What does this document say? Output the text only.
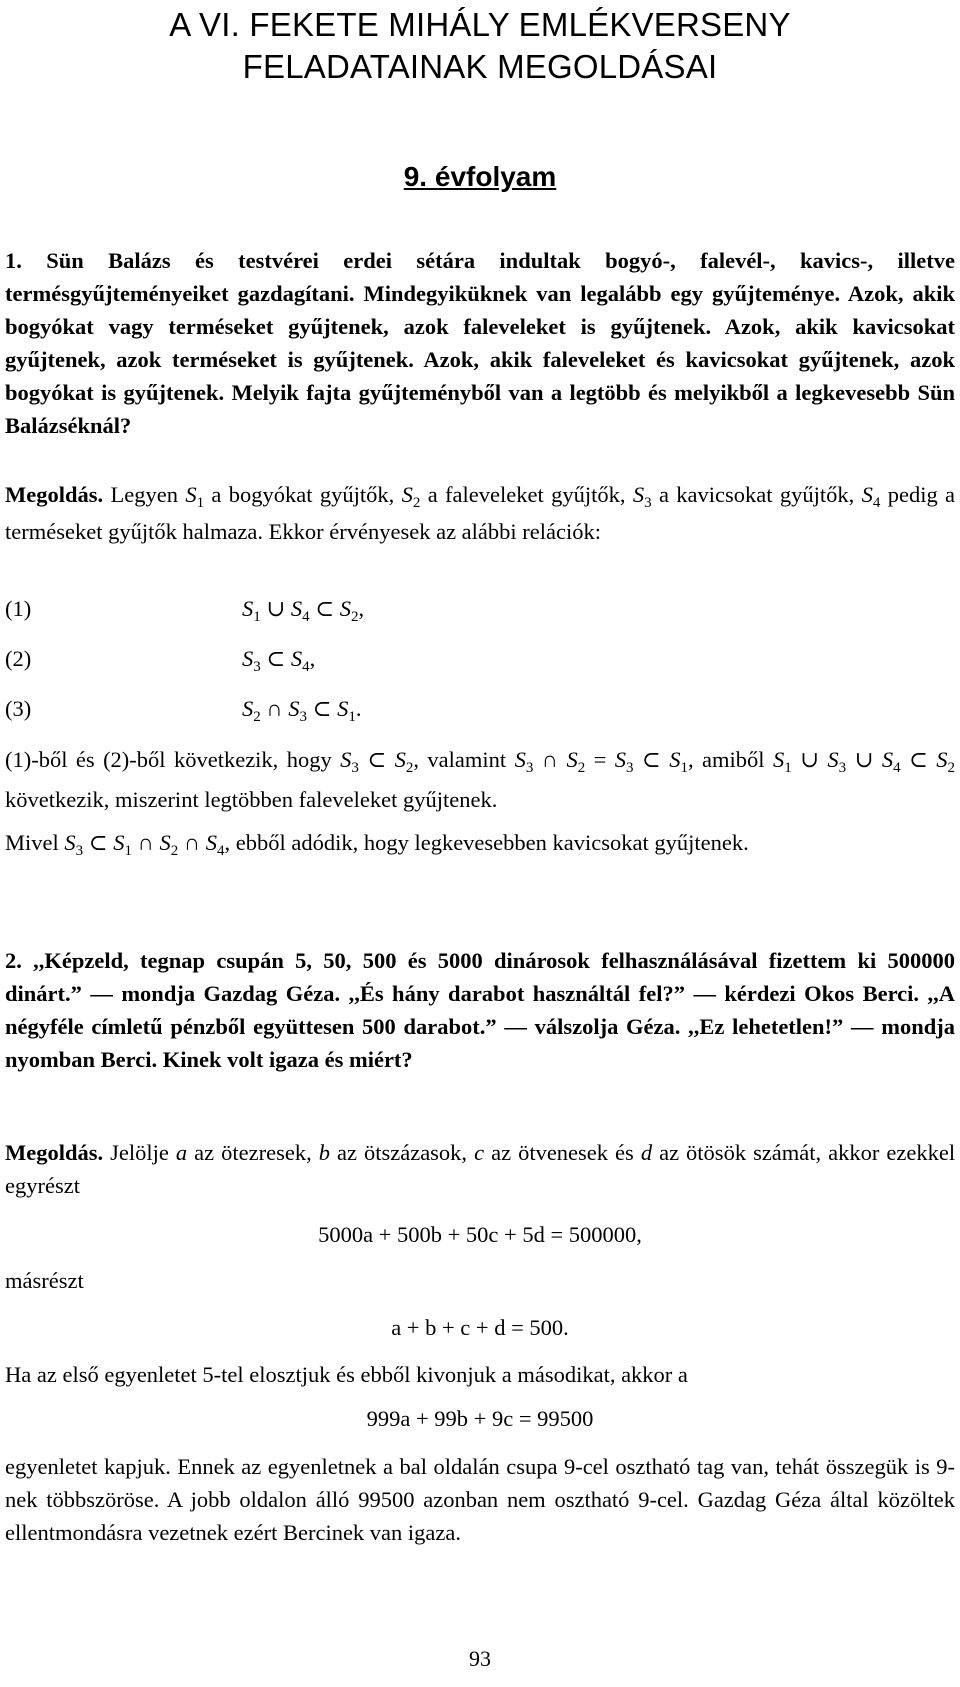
A VI. FEKETE MIHÁLY EMLÉKVERSENY
FELADATAINAK MEGOLDÁSAI
9. évfolyam

1. Sün Balázs és testvérei erdei sétára indultak bogyó-, falevél-, kavics-, illetve termésgyűjteményeiket gazdagítani. Mindegyiküknek van legalább egy gyűjteménye. Azok, akik bogyókat vagy terméseket gyűjtenek, azok faleveleket is gyűjtenek. Azok, akik kavicsokat gyűjtenek, azok terméseket is gyűjtenek. Azok, akik faleveleket és kavicsokat gyűjtenek, azok bogyókat is gyűjtenek. Melyik fajta gyűjteményből van a legtöbb és melyikből a legkevesebb Sün Balázséknál?

Megoldás. Legyen $S_1$ a bogyókat gyűjtők, $S_2$ a faleveleket gyűjtők, $S_3$ a kavicsokat gyűjtők, $S_4$ pedig a terméseket gyűjtők halmaza. Ekkor érvényesek az alábbi relációk:

(1)	$S_1$ ∪ $S_4$ ⊂ $S_2$,
(2)	$S_3$ ⊂ $S_4$,
(3)	$S_2$ ∩ $S_3$ ⊂ $S_1$.

(1)-ből és (2)-ből következik, hogy $S_3$ ⊂ $S_2$, valamint $S_3$ ∩ $S_2 = S_3$ ⊂ $S_1$, amiből $S_1$ ∪ $S_3$ ∪ $S_4$ ⊂ $S_2$ következik, miszerint legtöbben faleveleket gyűjtenek.

Mivel $S_3$ ⊂ $S_1$ ∩ $S_2$ ∩ $S_4$, ebből adódik, hogy legkevesebben kavicsokat gyűjtenek.

2. ,,Képzeld, tegnap csupán 5, 50, 500 és 5000 dinárosok felhasználásával fizettem ki 500000 dinárt.” — mondja Gazdag Géza. ,,És hány darabot használtál fel?” — kérdezi Okos Berci. ,,A négyféle címletű pénzből együttesen 500 darabot.” — válszolja Géza. ,,Ez lehetetlen!” — mondja nyomban Berci. Kinek volt igaza és miért?

Megoldás. Jelölje a az ötezresek, b az ötszázasok, c az ötvenesek és d az ötösök számát, akkor ezekkel egyrészt

5000a + 500b + 50c + 5d = 500000,
másrészt
a + b + c + d = 500.

Ha az első egyenletet 5-tel elosztjuk és ebből kivonjuk a másodikat, akkor a

999a + 99b + 9c = 99500

egyenletet kapjuk. Ennek az egyenletnek a bal oldalán csupa 9-cel osztható tag van, tehát összegük is 9-nek többszöröse. A jobb oldalon álló 99500 azonban nem osztható 9-cel. Gazdag Géza által közöltek ellentmondásra vezetnek ezért Bercinek van igaza.

93
